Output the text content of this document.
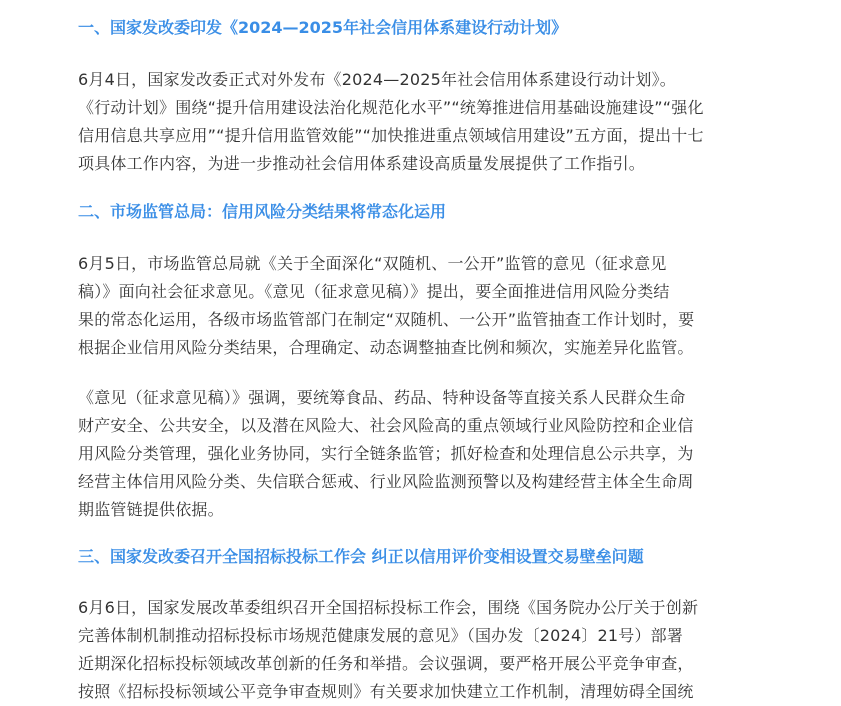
一、国家发改委印发《2024—2025年社会信用体系建设行动计划》
6月4日，国家发改委正式对外发布《2024—2025年社会信用体系建设行动计划》。
《行动计划》围绕“提升信用建设法治化规范化水平”“统筹推进信用基础设施建设”“强化
信用信息共享应用”“提升信用监管效能”“加快推进重点领域信用建设”五方面，提出十七
项具体工作内容，为进一步推动社会信用体系建设高质量发展提供了工作指引。
二、市场监管总局：信用风险分类结果将常态化运用
6月5日，市场监管总局就《关于全面深化“双随机、一公开”监管的意见（征求意见
稿）》面向社会征求意见。《意见（征求意见稿）》提出，要全面推进信用风险分类结
果的常态化运用，各级市场监管部门在制定“双随机、一公开”监管抽查工作计划时，要
根据企业信用风险分类结果，合理确定、动态调整抽查比例和频次，实施差异化监管。
《意见（征求意见稿）》强调，要统筹食品、药品、特种设备等直接关系人民群众生命
财产安全、公共安全，以及潜在风险大、社会风险高的重点领域行业风险防控和企业信
用风险分类管理，强化业务协同，实行全链条监管；抓好检查和处理信息公示共享，为
经营主体信用风险分类、失信联合惩戒、行业风险监测预警以及构建经营主体全生命周
期监管链提供依据。
三、国家发改委召开全国招标投标工作会 纠正以信用评价变相设置交易壁垒问题
6月6日，国家发展改革委组织召开全国招标投标工作会，围绕《国务院办公厅关于创新
完善体制机制推动招标投标市场规范健康发展的意见》（国办发〔2024〕21号）部署
近期深化招标投标领域改革创新的任务和举措。会议强调，要严格开展公平竞争审查，
按照《招标投标领域公平竞争审查规则》有关要求加快建立工作机制，清理妨碍全国统
